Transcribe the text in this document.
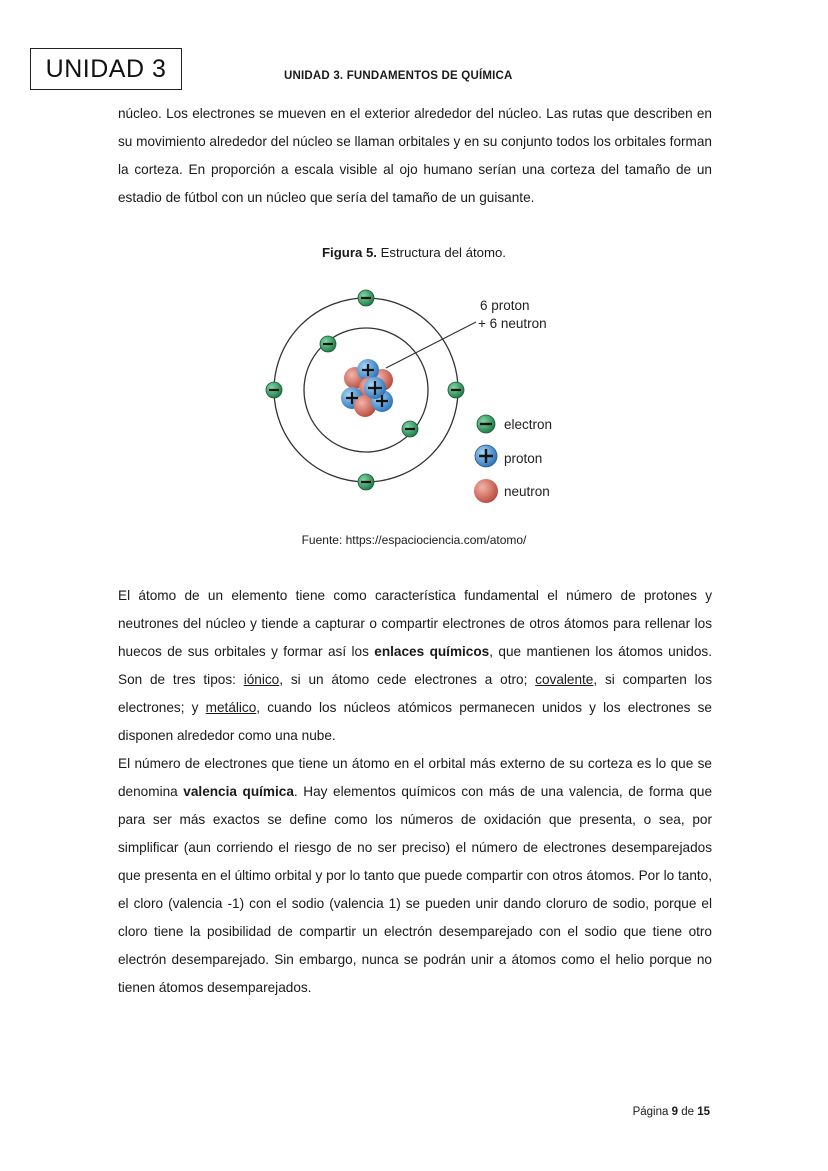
UNIDAD 3	UNIDAD 3. FUNDAMENTOS DE QUÍMICA

núcleo. Los electrones se mueven en el exterior alrededor del núcleo. Las rutas que describen en su movimiento alrededor del núcleo se llaman orbitales y en su conjunto todos los orbitales forman la corteza. En proporción a escala visible al ojo humano serían una corteza del tamaño de un estadio de fútbol con un núcleo que sería del tamaño de un guisante.

Figura 5. Estructura del átomo.
6 proton
+ 6 neutron
electron
proton
neutron
Fuente: https://espaciociencia.com/atomo/

El átomo de un elemento tiene como característica fundamental el número de protones y neutrones del núcleo y tiende a capturar o compartir electrones de otros átomos para rellenar los huecos de sus orbitales y formar así los enlaces químicos, que mantienen los átomos unidos. Son de tres tipos: iónico, si un átomo cede electrones a otro; covalente, si comparten los electrones; y metálico, cuando los núcleos atómicos permanecen unidos y los electrones se disponen alrededor como una nube.

El número de electrones que tiene un átomo en el orbital más externo de su corteza es lo que se denomina valencia química. Hay elementos químicos con más de una valencia, de forma que para ser más exactos se define como los números de oxidación que presenta, o sea, por simplificar (aun corriendo el riesgo de no ser preciso) el número de electrones desemparejados que presenta en el último orbital y por lo tanto que puede compartir con otros átomos. Por lo tanto, el cloro (valencia -1) con el sodio (valencia 1) se pueden unir dando cloruro de sodio, porque el cloro tiene la posibilidad de compartir un electrón desemparejado con el sodio que tiene otro electrón desemparejado. Sin embargo, nunca se podrán unir a átomos como el helio porque no tienen átomos desemparejados.

Página 9 de 15
